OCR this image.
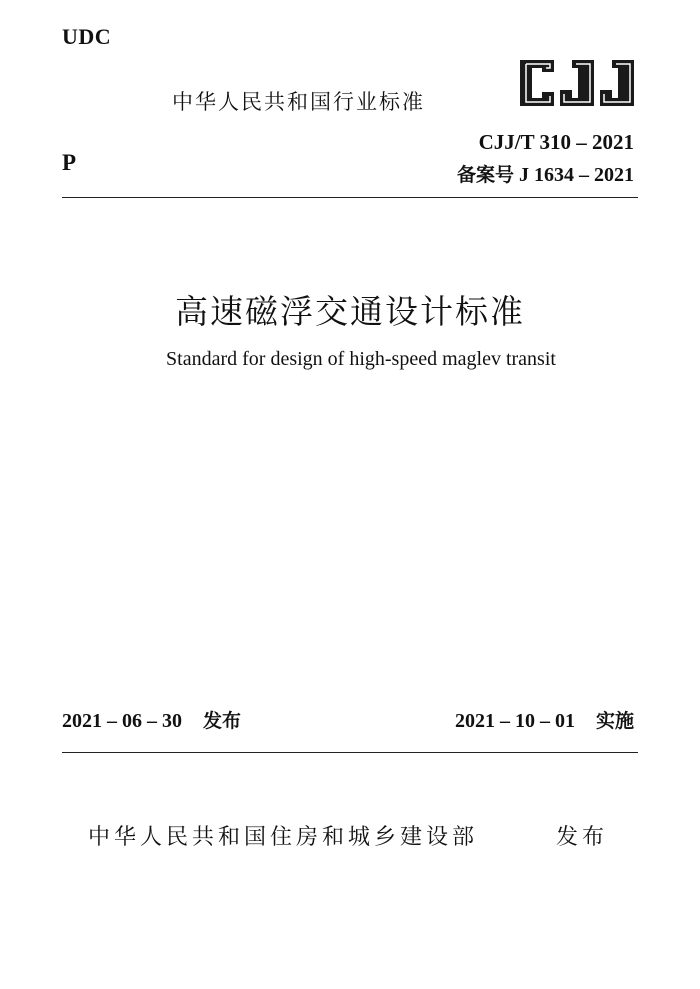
UDC
中华人民共和国行业标准
CJJ/T 310 – 2021
备案号 J 1634 – 2021
P
高速磁浮交通设计标准
Standard for design of high-speed maglev transit
2021 – 06 – 30 发布	2021 – 10 – 01 实施
中华人民共和国住房和城乡建设部	发布
